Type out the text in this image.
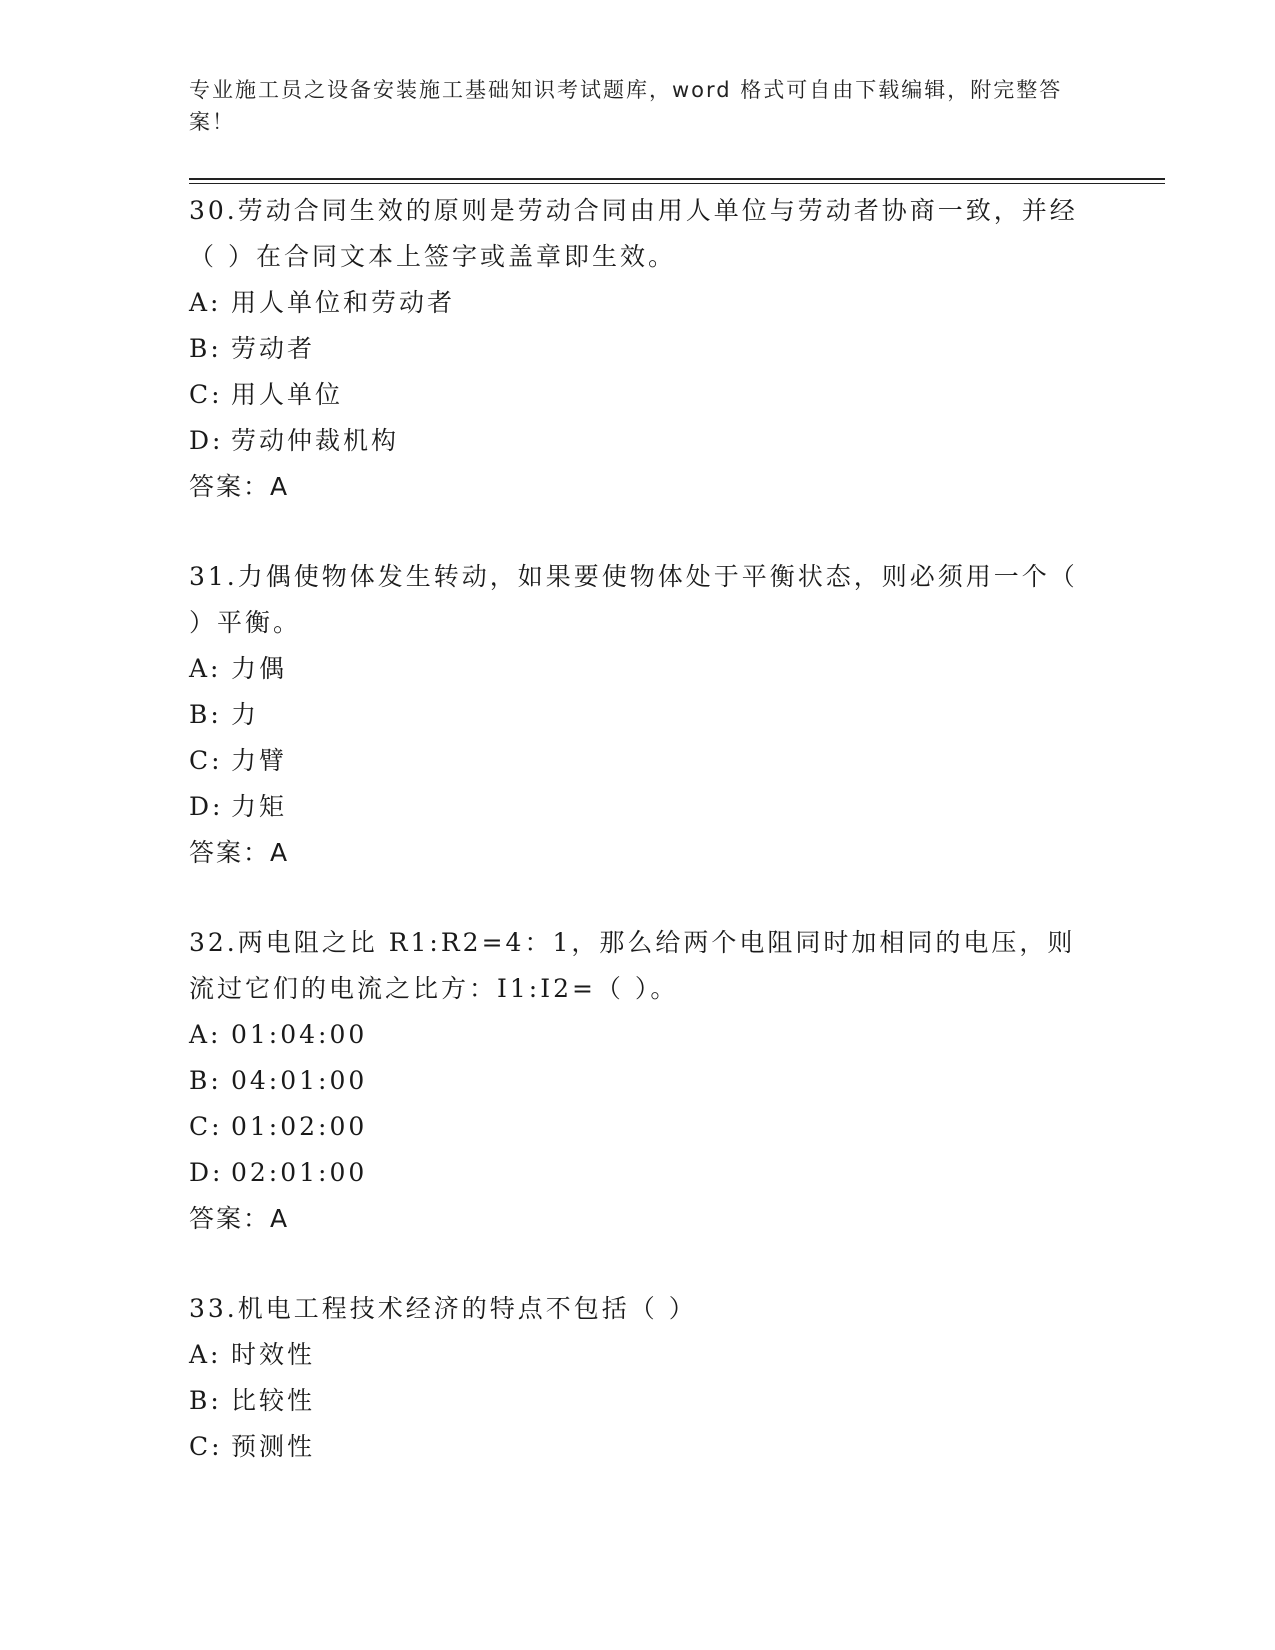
专业施工员之设备安装施工基础知识考试题库，word 格式可自由下载编辑，附完整答案！
30.劳动合同生效的原则是劳动合同由用人单位与劳动者协商一致，并经（ ）在合同文本上签字或盖章即生效。
A: 用人单位和劳动者
B: 劳动者
C: 用人单位
D: 劳动仲裁机构
答案：A
31.力偶使物体发生转动，如果要使物体处于平衡状态，则必须用一个（ ）平衡。
A: 力偶
B: 力
C: 力臂
D: 力矩
答案：A
32.两电阻之比 R1:R2=4：1，那么给两个电阻同时加相同的电压，则流过它们的电流之比方：I1:I2=（ ）。
A: 01:04:00
B: 04:01:00
C: 01:02:00
D: 02:01:00
答案：A
33.机电工程技术经济的特点不包括（ ）
A: 时效性
B: 比较性
C: 预测性
